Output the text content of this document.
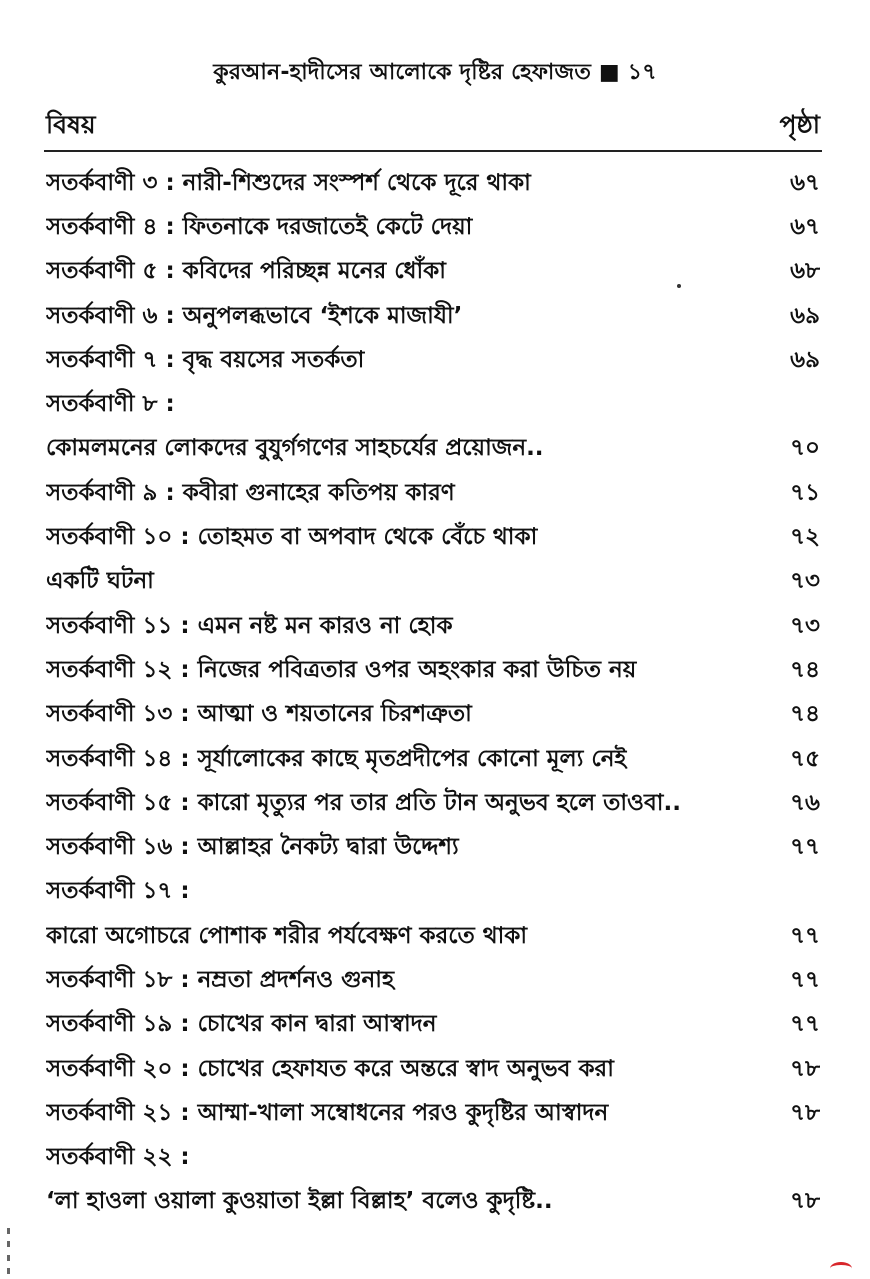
কুরআন-হাদীসের আলোকে দৃষ্টির হেফাজত ■ ১৭
বিষয়	পৃষ্ঠা
সতর্কবাণী ৩ : নারী-শিশুদের সংস্পর্শ থেকে দূরে থাকা	৬৭
সতর্কবাণী ৪ : ফিতনাকে দরজাতেই কেটে দেয়া	৬৭
সতর্কবাণী ৫ : কবিদের পরিচ্ছন্ন মনের ধোঁকা	৬৮
সতর্কবাণী ৬ : অনুপলব্ধভাবে ‘ইশকে মাজাযী’	৬৯
সতর্কবাণী ৭ : বৃদ্ধ বয়সের সতর্কতা	৬৯
সতর্কবাণী ৮ :
কোমলমনের লোকদের বুযুর্গগণের সাহচর্যের প্রয়োজন..	৭০
সতর্কবাণী ৯ : কবীরা গুনাহের কতিপয় কারণ	৭১
সতর্কবাণী ১০ : তোহমত বা অপবাদ থেকে বেঁচে থাকা	৭২
একটি ঘটনা	৭৩
সতর্কবাণী ১১ : এমন নষ্ট মন কারও না হোক	৭৩
সতর্কবাণী ১২ : নিজের পবিত্রতার ওপর অহংকার করা উচিত নয়	৭৪
সতর্কবাণী ১৩ : আত্মা ও শয়তানের চিরশত্রুতা	৭৪
সতর্কবাণী ১৪ : সূর্যালোকের কাছে মৃতপ্রদীপের কোনো মূল্য নেই	৭৫
সতর্কবাণী ১৫ : কারো মৃত্যুর পর তার প্রতি টান অনুভব হলে তাওবা..	৭৬
সতর্কবাণী ১৬ : আল্লাহর নৈকট্য দ্বারা উদ্দেশ্য	৭৭
সতর্কবাণী ১৭ :
কারো অগোচরে পোশাক শরীর পর্যবেক্ষণ করতে থাকা	৭৭
সতর্কবাণী ১৮ : নম্রতা প্রদর্শনও গুনাহ	৭৭
সতর্কবাণী ১৯ : চোখের কান দ্বারা আস্বাদন	৭৭
সতর্কবাণী ২০ : চোখের হেফাযত করে অন্তরে স্বাদ অনুভব করা	৭৮
সতর্কবাণী ২১ : আম্মা-খালা সম্বোধনের পরও কুদৃষ্টির আস্বাদন	৭৮
সতর্কবাণী ২২ :
‘লা হাওলা ওয়ালা কুওয়াতা ইল্লা বিল্লাহ’ বলেও কুদৃষ্টি..	৭৮
